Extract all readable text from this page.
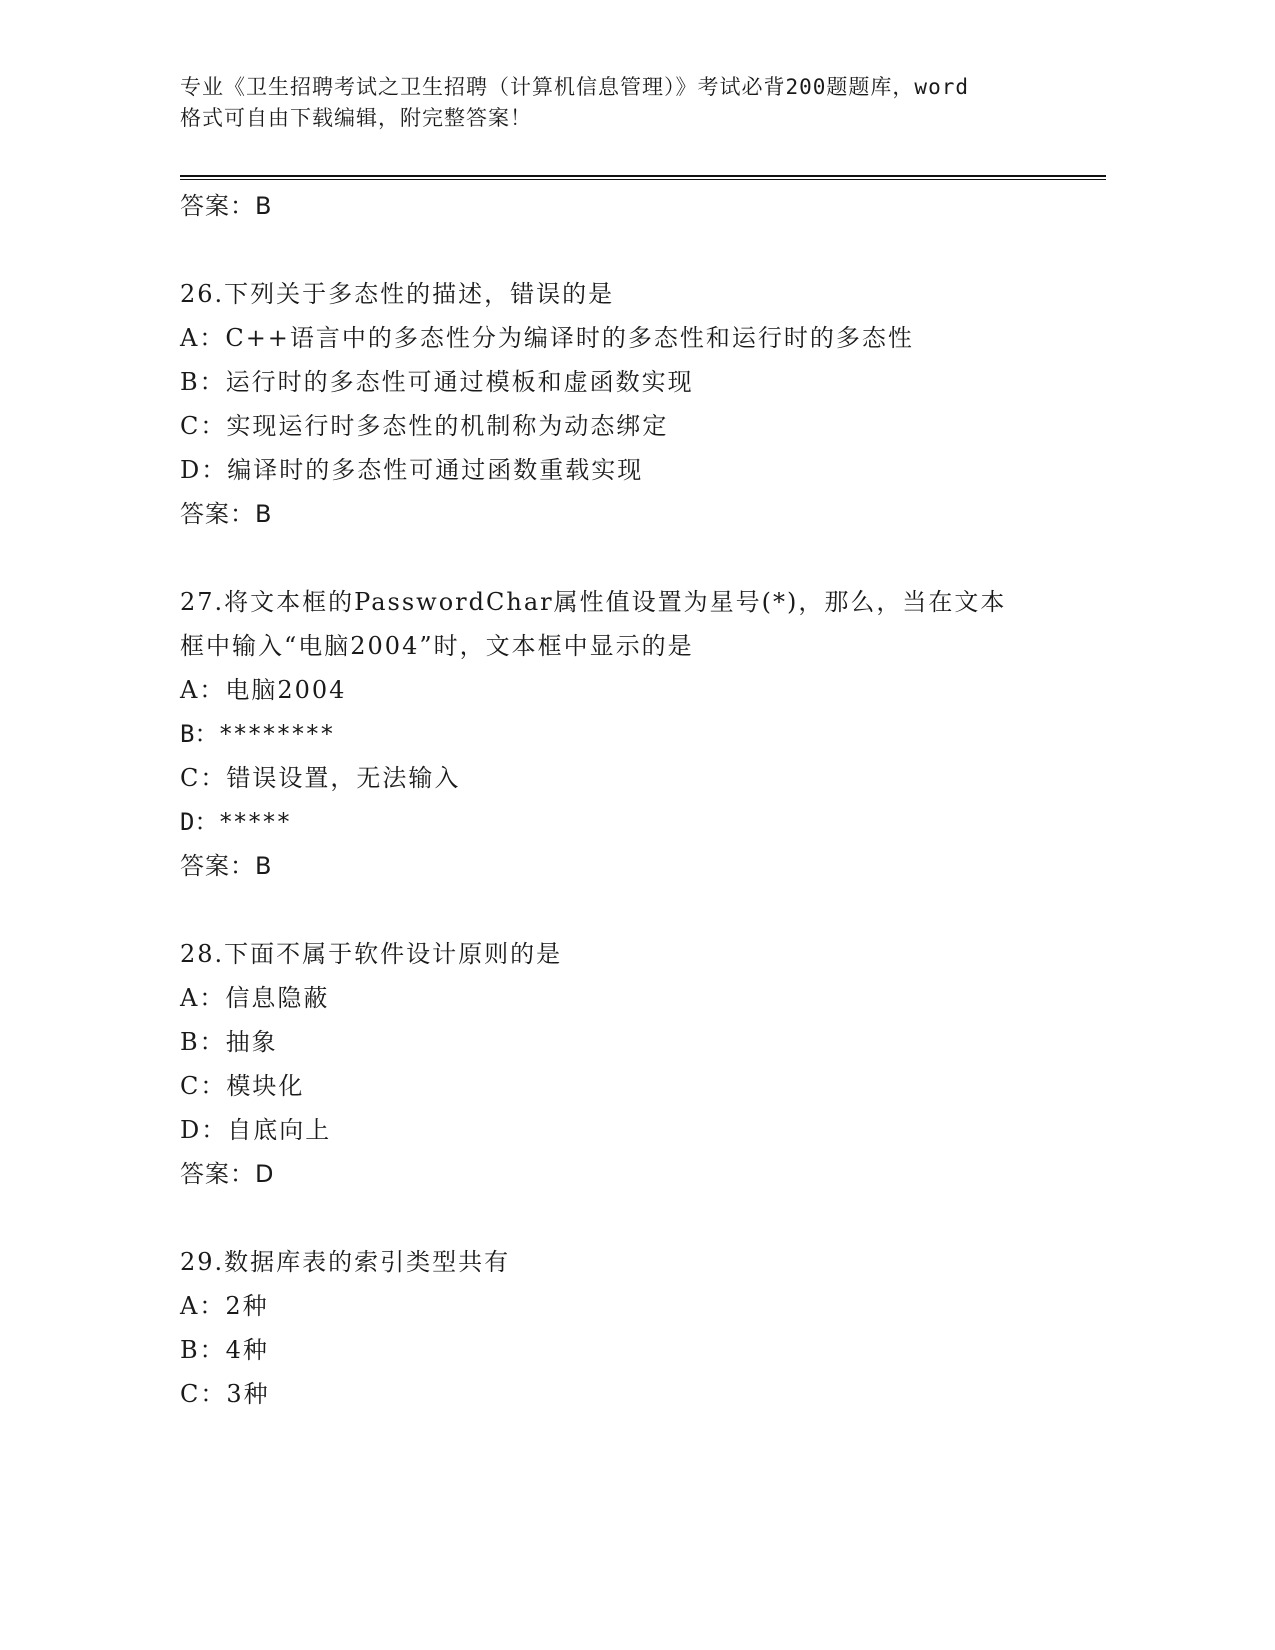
专业《卫生招聘考试之卫生招聘（计算机信息管理）》考试必背200题题库，word
格式可自由下载编辑，附完整答案！
答案：B
26.下列关于多态性的描述，错误的是
A：C++语言中的多态性分为编译时的多态性和运行时的多态性
B：运行时的多态性可通过模板和虚函数实现
C：实现运行时多态性的机制称为动态绑定
D：编译时的多态性可通过函数重载实现
答案：B
27.将文本框的PasswordChar属性值设置为星号(*)，那么，当在文本
框中输入“电脑2004”时，文本框中显示的是
A：电脑2004
B：********
C：错误设置，无法输入
D：*****
答案：B
28.下面不属于软件设计原则的是
A：信息隐蔽
B：抽象
C：模块化
D：自底向上
答案：D
29.数据库表的索引类型共有
A：2种
B：4种
C：3种
